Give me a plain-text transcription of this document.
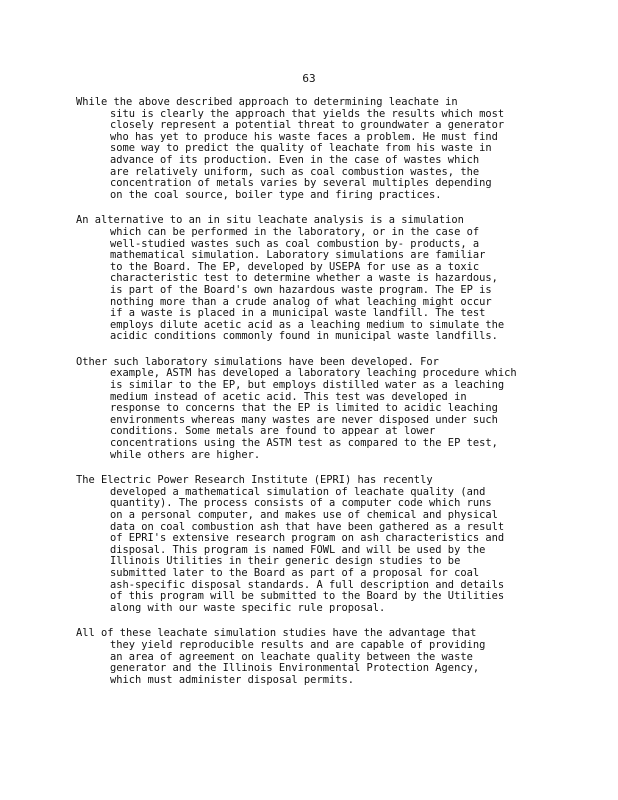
63

While the above described approach to determining leachate in
situ is clearly the approach that yields the results which most
closely represent a potential threat to groundwater a generator
who has yet to produce his waste faces a problem. He must find
some way to predict the quality of leachate from his waste in
advance of its production. Even in the case of wastes which
are relatively uniform, such as coal combustion wastes, the
concentration of metals varies by several multiples depending
on the coal source, boiler type and firing practices.

An alternative to an in situ leachate analysis is a simulation
which can be performed in the laboratory, or in the case of
well-studied wastes such as coal combustion by- products, a
mathematical simulation. Laboratory simulations are familiar
to the Board. The EP, developed by USEPA for use as a toxic
characteristic test to determine whether a waste is hazardous,
is part of the Board's own hazardous waste program. The EP is
nothing more than a crude analog of what leaching might occur
if a waste is placed in a municipal waste landfill. The test
employs dilute acetic acid as a leaching medium to simulate the
acidic conditions commonly found in municipal waste landfills.

Other such laboratory simulations have been developed. For
example, ASTM has developed a laboratory leaching procedure which
is similar to the EP, but employs distilled water as a leaching
medium instead of acetic acid. This test was developed in
response to concerns that the EP is limited to acidic leaching
environments whereas many wastes are never disposed under such
conditions. Some metals are found to appear at lower
concentrations using the ASTM test as compared to the EP test,
while others are higher.

The Electric Power Research Institute (EPRI) has recently
developed a mathematical simulation of leachate quality (and
quantity). The process consists of a computer code which runs
on a personal computer, and makes use of chemical and physical
data on coal combustion ash that have been gathered as a result
of EPRI's extensive research program on ash characteristics and
disposal. This program is named FOWL and will be used by the
Illinois Utilities in their generic design studies to be
submitted later to the Board as part of a proposal for coal
ash-specific disposal standards. A full description and details
of this program will be submitted to the Board by the Utilities
along with our waste specific rule proposal.

All of these leachate simulation studies have the advantage that
they yield reproducible results and are capable of providing
an area of agreement on leachate quality between the waste
generator and the Illinois Environmental Protection Agency,
which must administer disposal permits.
